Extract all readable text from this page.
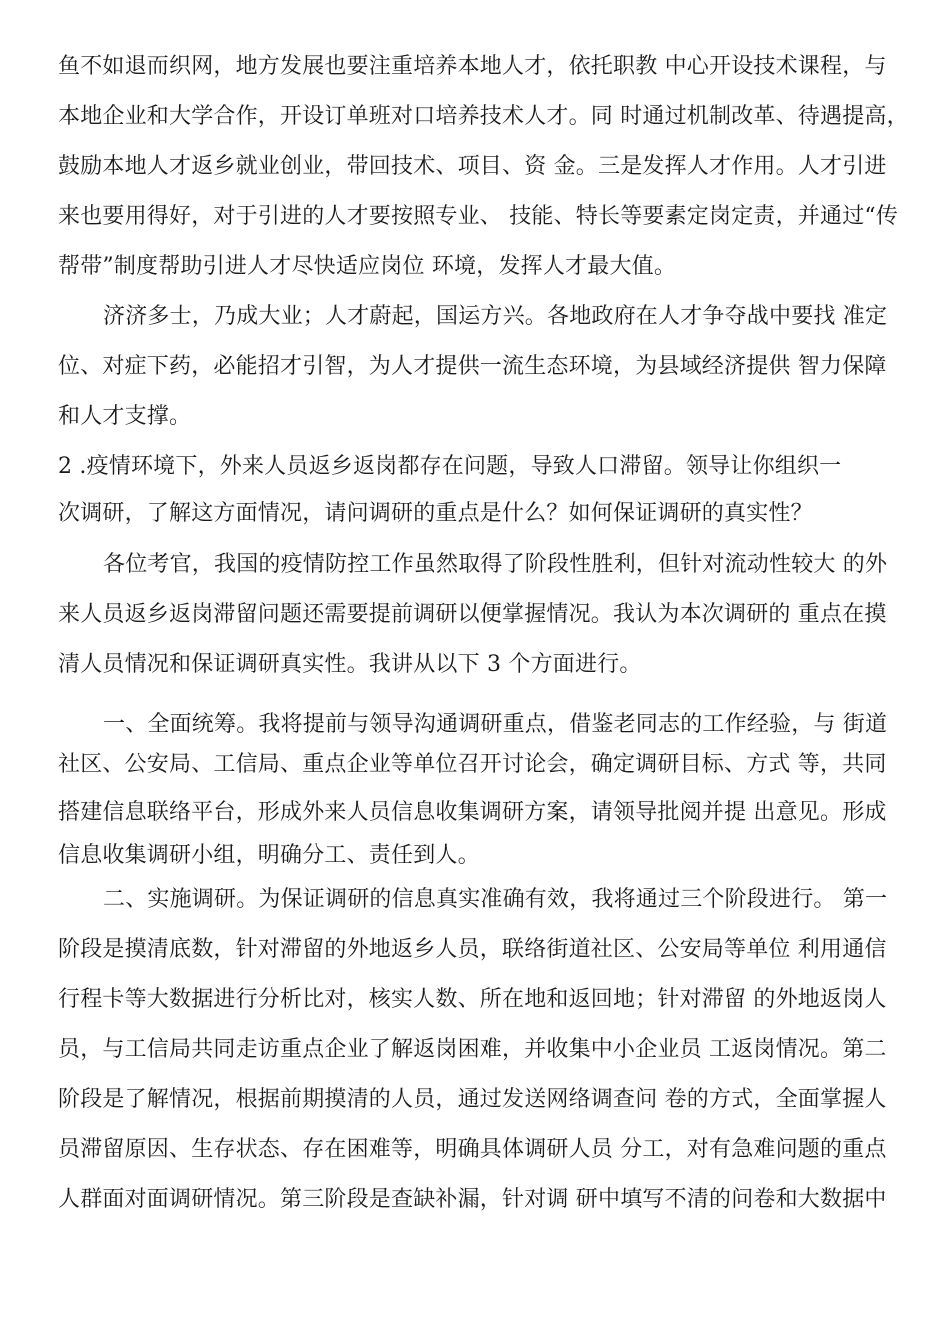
鱼不如退而织网，地方发展也要注重培养本地人才，依托职教 中心开设技术课程，与
本地企业和大学合作，开设订单班对口培养技术人才。同 时通过机制改革、待遇提高，
鼓励本地人才返乡就业创业，带回技术、项目、资 金。三是发挥人才作用。人才引进
来也要用得好，对于引进的人才要按照专业、 技能、特长等要素定岗定责，并通过“传
帮带”制度帮助引进人才尽快适应岗位 环境，发挥人才最大值。
济济多士，乃成大业；人才蔚起，国运方兴。各地政府在人才争夺战中要找 准定
位、对症下药，必能招才引智，为人才提供一流生态环境，为县域经济提供 智力保障
和人才支撑。
2 .疫情环境下，外来人员返乡返岗都存在问题，导致人口滞留。领导让你组织一
次调研，了解这方面情况，请问调研的重点是什么？如何保证调研的真实性？
各位考官，我国的疫情防控工作虽然取得了阶段性胜利，但针对流动性较大 的外
来人员返乡返岗滞留问题还需要提前调研以便掌握情况。我认为本次调研的 重点在摸
清人员情况和保证调研真实性。我讲从以下 3 个方面进行。
一、全面统筹。我将提前与领导沟通调研重点，借鉴老同志的工作经验，与 街道
社区、公安局、工信局、重点企业等单位召开讨论会，确定调研目标、方式 等，共同
搭建信息联络平台，形成外来人员信息收集调研方案，请领导批阅并提 出意见。形成
信息收集调研小组，明确分工、责任到人。
二、实施调研。为保证调研的信息真实准确有效，我将通过三个阶段进行。 第一
阶段是摸清底数，针对滞留的外地返乡人员，联络街道社区、公安局等单位 利用通信
行程卡等大数据进行分析比对，核实人数、所在地和返回地；针对滞留 的外地返岗人
员，与工信局共同走访重点企业了解返岗困难，并收集中小企业员 工返岗情况。第二
阶段是了解情况，根据前期摸清的人员，通过发送网络调查问 卷的方式，全面掌握人
员滞留原因、生存状态、存在困难等，明确具体调研人员 分工，对有急难问题的重点
人群面对面调研情况。第三阶段是查缺补漏，针对调 研中填写不清的问卷和大数据中
